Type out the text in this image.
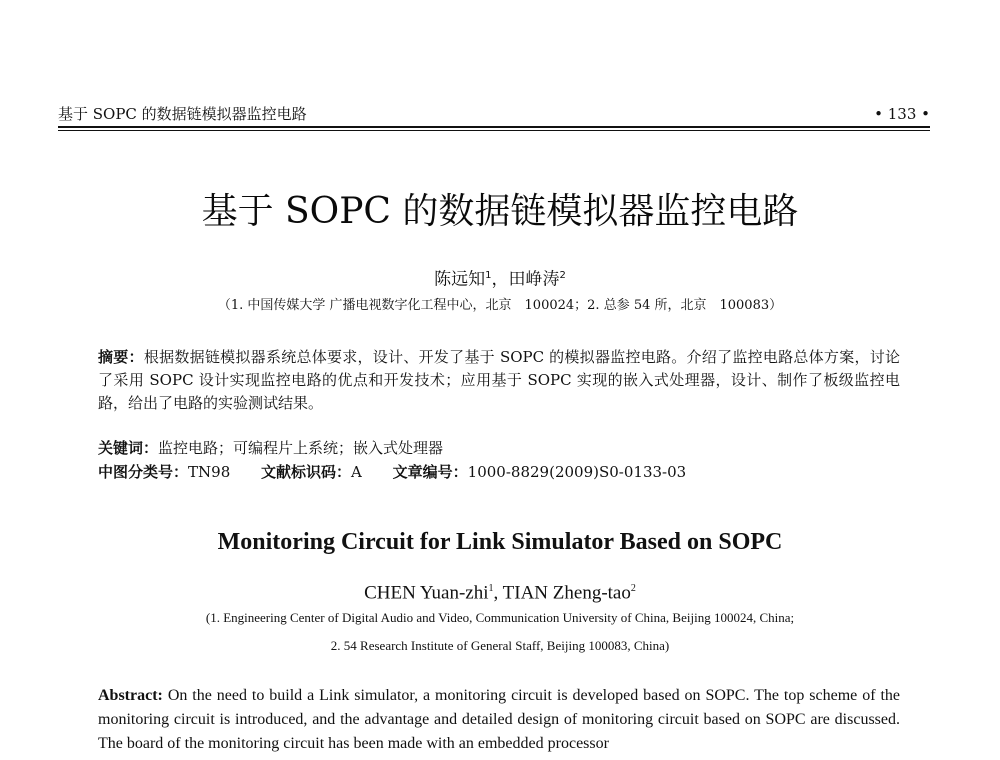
基于 SOPC 的数据链模拟器监控电路	• 133 •
基于 SOPC 的数据链模拟器监控电路
陈远知$^1$，田峥涛$^2$
（1. 中国传媒大学 广播电视数字化工程中心，北京　100024；2. 总参 54 所，北京　100083）
摘要：根据数据链模拟器系统总体要求，设计、开发了基于 SOPC 的模拟器监控电路。介绍了监控电路总体方案，讨论了采用 SOPC 设计实现监控电路的优点和开发技术；应用基于 SOPC 实现的嵌入式处理器，设计、制作了板级监控电路，给出了电路的实验测试结果。
关键词：监控电路；可编程片上系统；嵌入式处理器
中图分类号：TN98 文献标识码：A 文章编号：1000-8829(2009)S0-0133-03
Monitoring Circuit for Link Simulator Based on SOPC
CHEN Yuan-zhi$^1$, TIAN Zheng-tao$^2$
(1. Engineering Center of Digital Audio and Video, Communication University of China, Beijing 100024, China;
2. 54 Research Institute of General Staff, Beijing 100083, China)
Abstract: On the need to build a Link simulator, a monitoring circuit is developed based on SOPC. The top scheme of the monitoring circuit is introduced, and the advantage and detailed design of monitoring circuit based on SOPC are discussed. The board of the monitoring circuit has been made with an embedded processor
